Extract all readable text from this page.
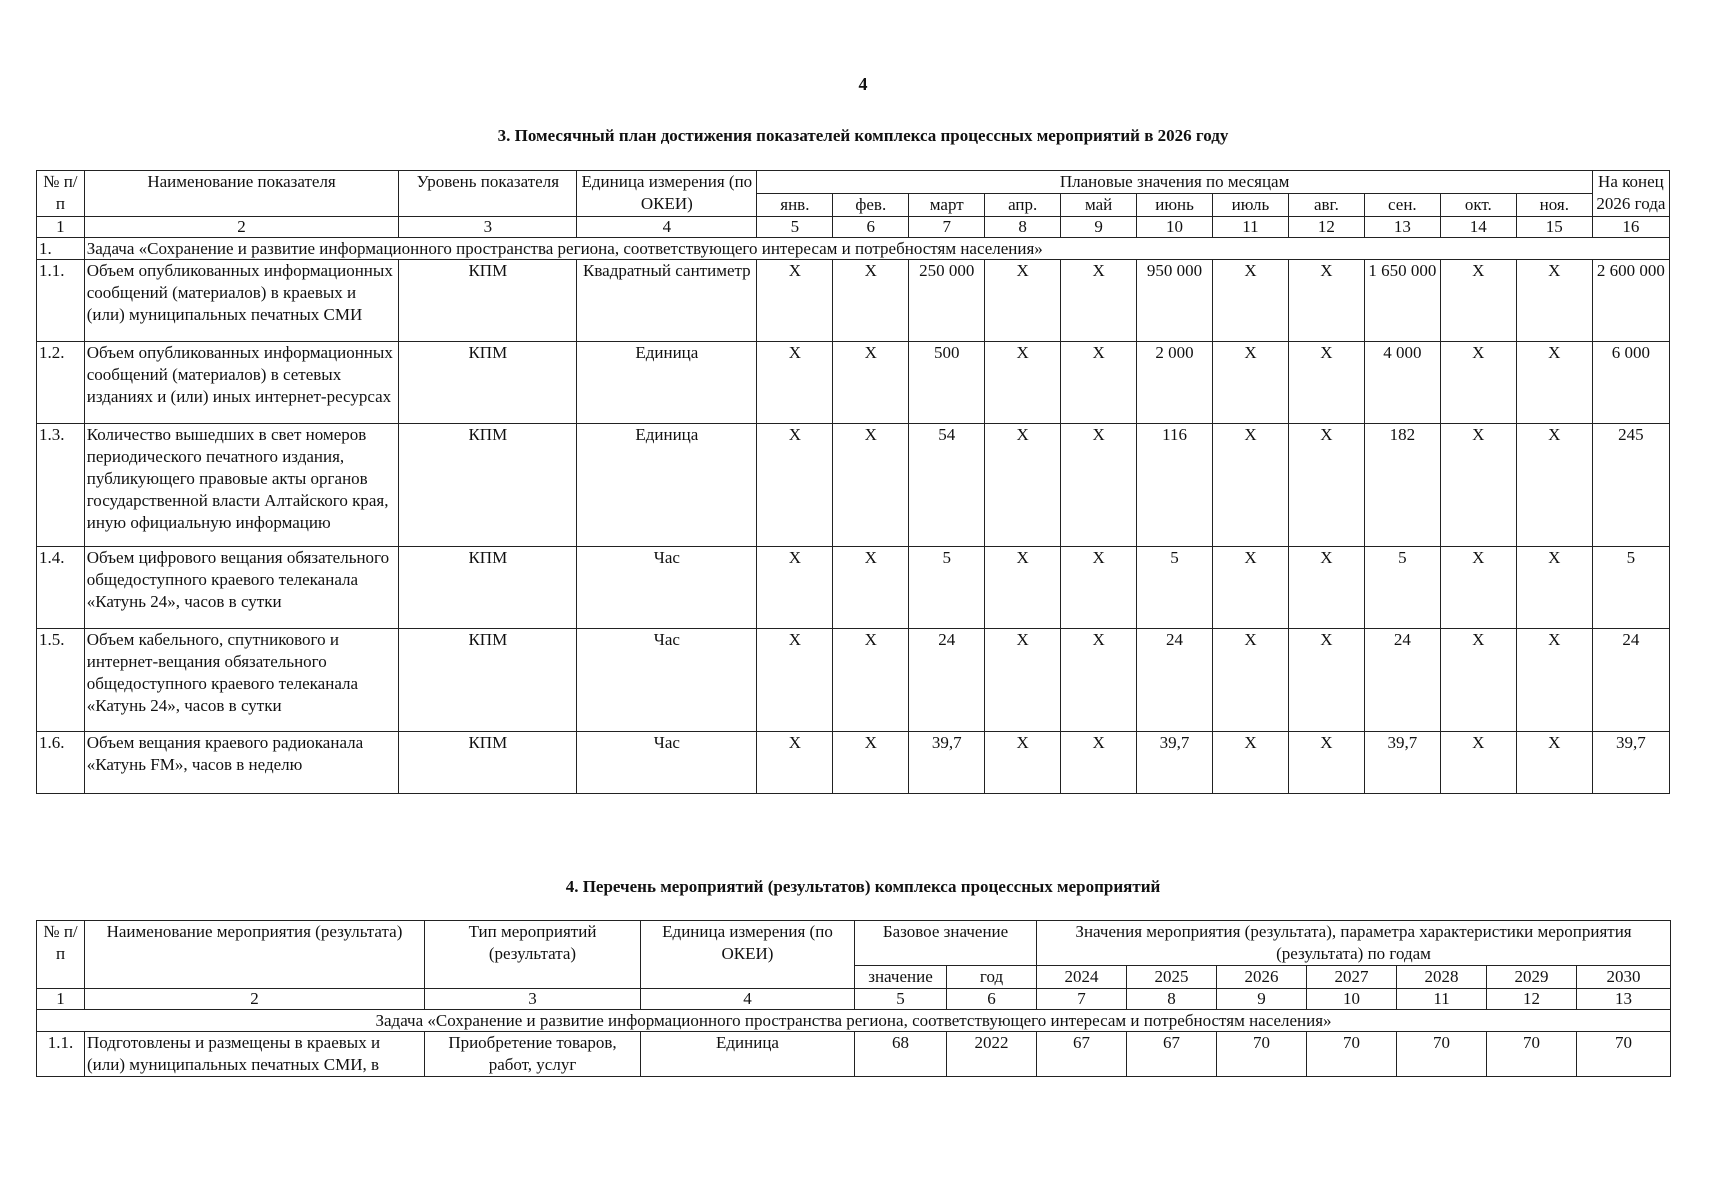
4
3. Помесячный план достижения показателей комплекса процессных мероприятий в 2026 году
№ п/п	Наименование показателя	Уровень показателя	Единица измерения (по ОКЕИ)	Плановые значения по месяцам											На конец 2026 года
				янв.	фев.	март	апр.	май	июнь	июль	авг.	сен.	окт.	ноя.	
1	2	3	4	5	6	7	8	9	10	11	12	13	14	15	16
1.	Задача «Сохранение и развитие информационного пространства региона, соответствующего интересам и потребностям населения»														
1.1.	Объем опубликованных информационных сообщений (материалов) в краевых и (или) муниципальных печатных СМИ	КПМ	Квадратный сантиметр	X	X	250 000	X	X	950 000	X	X	1 650 000	X	X	2 600 000
1.2.	Объем опубликованных информационных сообщений (материалов) в сетевых изданиях и (или) иных интернет-ресурсах	КПМ	Единица	X	X	500	X	X	2 000	X	X	4 000	X	X	6 000
1.3.	Количество вышедших в свет номеров периодического печатного издания, публикующего правовые акты органов государственной власти Алтайского края, иную официальную информацию	КПМ	Единица	X	X	54	X	X	116	X	X	182	X	X	245
1.4.	Объем цифрового вещания обязательного общедоступного краевого телеканала «Катунь 24», часов в сутки	КПМ	Час	X	X	5	X	X	5	X	X	5	X	X	5
1.5.	Объем кабельного, спутникового и интернет-вещания обязательного общедоступного краевого телеканала «Катунь 24», часов в сутки	КПМ	Час	X	X	24	X	X	24	X	X	24	X	X	24
1.6.	Объем вещания краевого радиоканала «Катунь FM», часов в неделю	КПМ	Час	X	X	39,7	X	X	39,7	X	X	39,7	X	X	39,7
4. Перечень мероприятий (результатов) комплекса процессных мероприятий
№ п/п	Наименование мероприятия (результата)	Тип мероприятий (результата)	Единица измерения (по ОКЕИ)	Базовое значение		Значения мероприятия (результата), параметра характеристики мероприятия (результата) по годам						
				значение	год	2024	2025	2026	2027	2028	2029	2030
1	2	3	4	5	6	7	8	9	10	11	12	13
Задача «Сохранение и развитие информационного пространства региона, соответствующего интересам и потребностям населения»												
1.1.	Подготовлены и размещены в краевых и (или) муниципальных печатных СМИ, в	Приобретение товаров, работ, услуг	Единица	68	2022	67	67	70	70	70	70	70
